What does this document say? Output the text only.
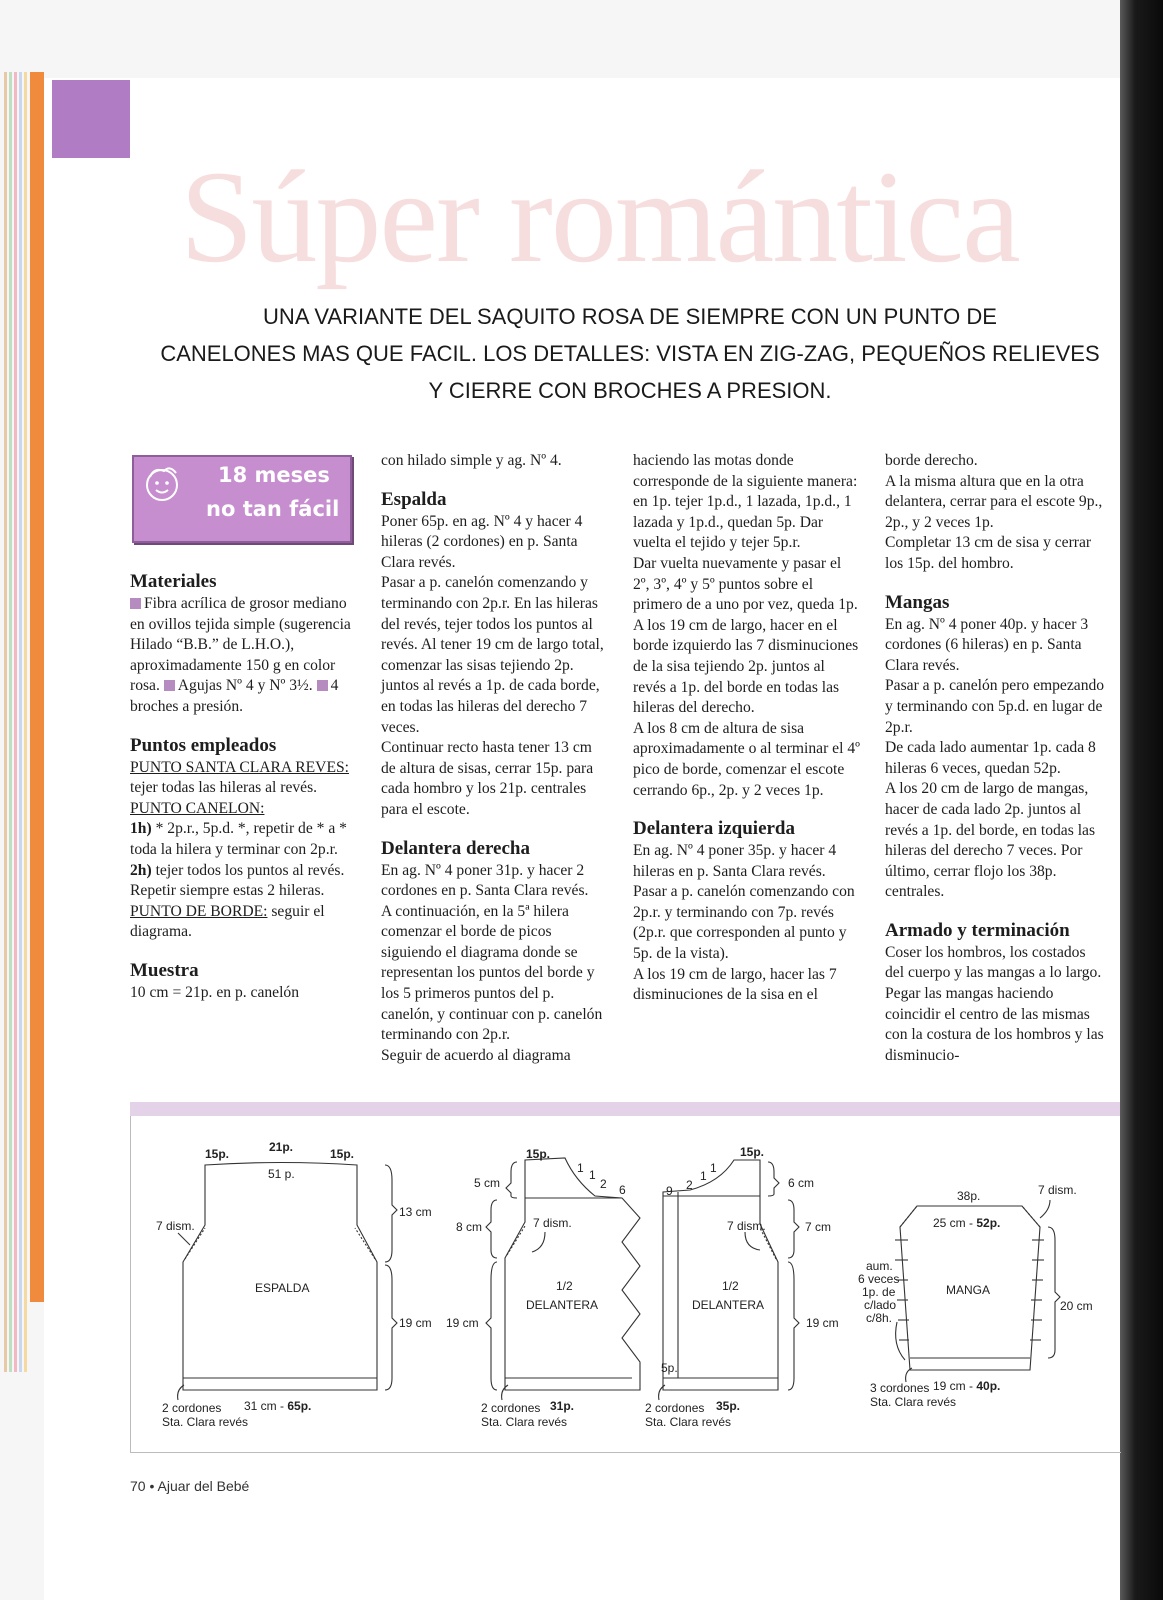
Súper romántica
UNA VARIANTE DEL SAQUITO ROSA DE SIEMPRE CON UN PUNTO DE
CANELONES MAS QUE FACIL. LOS DETALLES: VISTA EN ZIG-ZAG, PEQUEÑOS RELIEVES
Y CIERRE CON BROCHES A PRESION.
18 meses
no tan fácil
Materiales

Fibra acrílica de grosor mediano en ovillos tejida simple (sugerencia Hilado “B.B.” de L.H.O.), aproximadamente 150 g en color rosa. Agujas Nº 4 y Nº 3½. 4 broches a presión.

Puntos empleados

PUNTO SANTA CLARA REVES: tejer todas las hileras al revés.

PUNTO CANELON:

1h) * 2p.r., 5p.d. *, repetir de * a * toda la hilera y terminar con 2p.r.

2h) tejer todos los puntos al revés.

Repetir siempre estas 2 hileras.

PUNTO DE BORDE: seguir el diagrama.

Muestra

10 cm = 21p. en p. canelón

con hilado simple y ag. Nº 4.

Espalda

Poner 65p. en ag. Nº 4 y hacer 4 hileras (2 cordones) en p. Santa Clara revés.

Pasar a p. canelón comenzando y terminando con 2p.r. En las hileras del revés, tejer todos los puntos al revés. Al tener 19 cm de largo total, comenzar las sisas tejiendo 2p. juntos al revés a 1p. de cada borde, en todas las hileras del derecho 7 veces.

Continuar recto hasta tener 13 cm de altura de sisas, cerrar 15p. para cada hombro y los 21p. centrales para el escote.

Delantera derecha

En ag. Nº 4 poner 31p. y hacer 2 cordones en p. Santa Clara revés.

A continuación, en la 5ª hilera comenzar el borde de picos siguiendo el diagrama donde se representan los puntos del borde y los 5 primeros puntos del p. canelón, y continuar con p. canelón terminando con 2p.r.

Seguir de acuerdo al diagrama

haciendo las motas donde corresponde de la siguiente manera: en 1p. tejer 1p.d., 1 lazada, 1p.d., 1 lazada y 1p.d., quedan 5p. Dar vuelta el tejido y tejer 5p.r.

Dar vuelta nuevamente y pasar el 2º, 3º, 4º y 5º puntos sobre el primero de a uno por vez, queda 1p.

A los 19 cm de largo, hacer en el borde izquierdo las 7 disminuciones de la sisa tejiendo 2p. juntos al revés a 1p. del borde en todas las hileras del derecho.

A los 8 cm de altura de sisa aproximadamente o al terminar el 4º pico de borde, comenzar el escote cerrando 6p., 2p. y 2 veces 1p.

Delantera izquierda

En ag. Nº 4 poner 35p. y hacer 4 hileras en p. Santa Clara revés.

Pasar a p. canelón comenzando con 2p.r. y terminando con 7p. revés (2p.r. que corresponden al punto y 5p. de la vista).

A los 19 cm de largo, hacer las 7 disminuciones de la sisa en el

borde derecho.

A la misma altura que en la otra delantera, cerrar para el escote 9p., 2p., y 2 veces 1p.

Completar 13 cm de sisa y cerrar los 15p. del hombro.

Mangas

En ag. Nº 4 poner 40p. y hacer 3 cordones (6 hileras) en p. Santa Clara revés.

Pasar a p. canelón pero empezando y terminando con 5p.d. en lugar de 2p.r.

De cada lado aumentar 1p. cada 8 hileras 6 veces, quedan 52p.

A los 20 cm de largo de mangas, hacer de cada lado 2p. juntos al revés a 1p. del borde, en todas las hileras del derecho 7 veces. Por último, cerrar flojo los 38p. centrales.

Armado y terminación

Coser los hombros, los costados del cuerpo y las mangas a lo largo. Pegar las mangas haciendo coincidir el centro de las mismas con la costura de los hombros y las disminucio-

15p.	21p.	15p.
51 p.
7 dism.
13 cm
19 cm
ESPALDA
2 cordones
Sta. Clara revés
31 cm - 65p.
15p.
1 1
2 6
5 cm
8 cm
19 cm
7 dism.
1/2
DELANTERA
2 cordones
Sta. Clara revés
31p.
15p.
9 2
1
1
6 cm
7 cm
19 cm
7 dism.
1/2
DELANTERA
5p.
2 cordones
Sta. Clara revés
35p.
38p.	7 dism.
25 cm - 52p.
MANGA
aum.
6 veces
1p. de
c/lado
c/8h.
20 cm
3 cordones
Sta. Clara revés
19 cm - 40p.
70 • Ajuar del Bebé
